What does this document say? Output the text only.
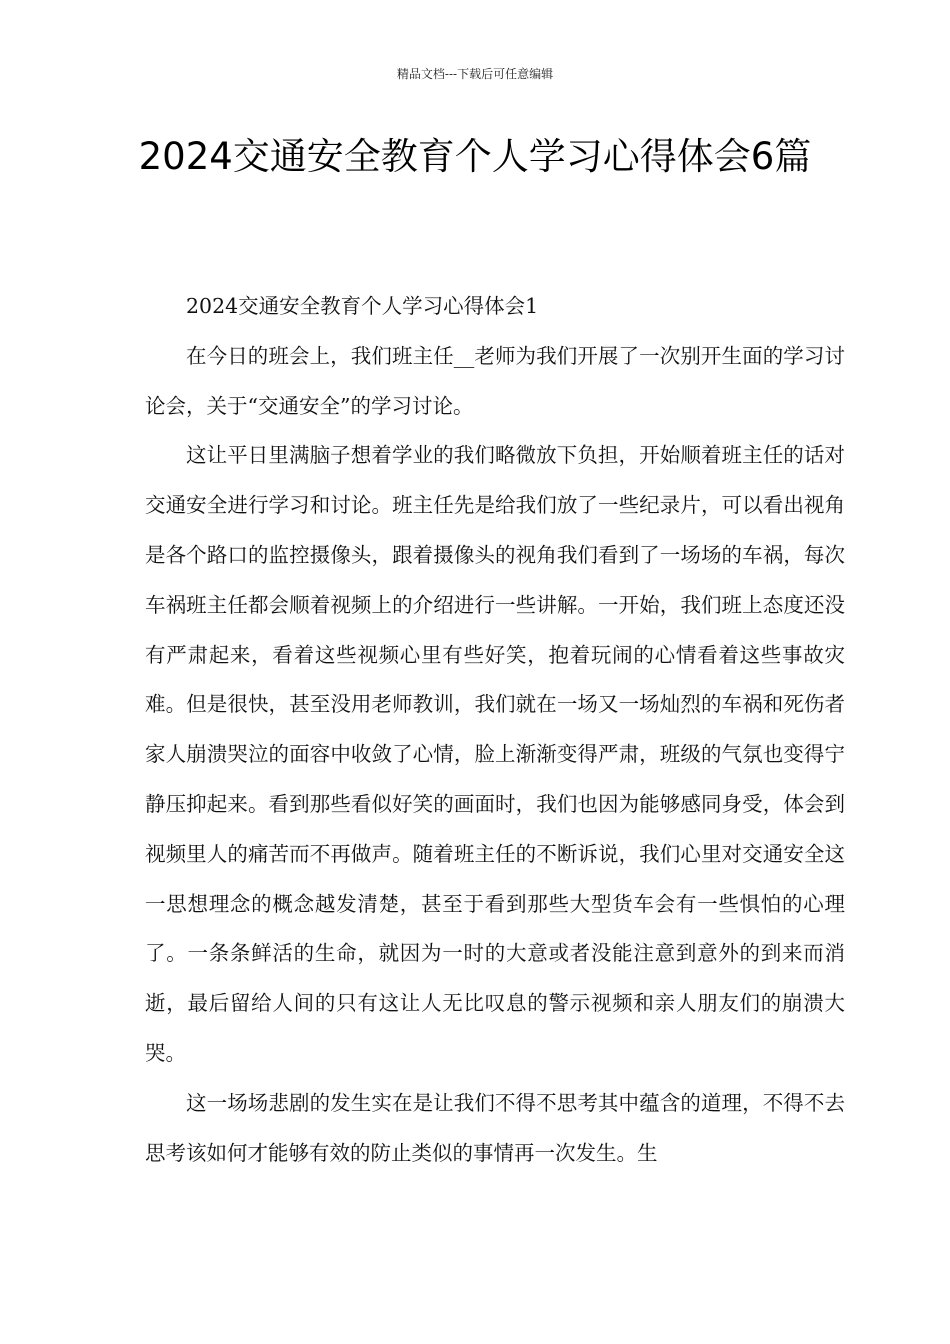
精品文档---下载后可任意编辑
2024交通安全教育个人学习心得体会6篇

2024交通安全教育个人学习心得体会1

在今日的班会上，我们班主任__老师为我们开展了一次别开生面的学习讨论会，关于“交通安全”的学习讨论。

这让平日里满脑子想着学业的我们略微放下负担，开始顺着班主任的话对交通安全进行学习和讨论。班主任先是给我们放了一些纪录片，可以看出视角是各个路口的监控摄像头，跟着摄像头的视角我们看到了一场场的车祸，每次车祸班主任都会顺着视频上的介绍进行一些讲解。一开始，我们班上态度还没有严肃起来，看着这些视频心里有些好笑，抱着玩闹的心情看着这些事故灾难。但是很快，甚至没用老师教训，我们就在一场又一场灿烈的车祸和死伤者家人崩溃哭泣的面容中收敛了心情，脸上渐渐变得严肃，班级的气氛也变得宁静压抑起来。看到那些看似好笑的画面时，我们也因为能够感同身受，体会到视频里人的痛苦而不再做声。随着班主任的不断诉说，我们心里对交通安全这一思想理念的概念越发清楚，甚至于看到那些大型货车会有一些惧怕的心理了。一条条鲜活的生命，就因为一时的大意或者没能注意到意外的到来而消逝，最后留给人间的只有这让人无比叹息的警示视频和亲人朋友们的崩溃大哭。

这一场场悲剧的发生实在是让我们不得不思考其中蕴含的道理，不得不去思考该如何才能够有效的防止类似的事情再一次发生。生
